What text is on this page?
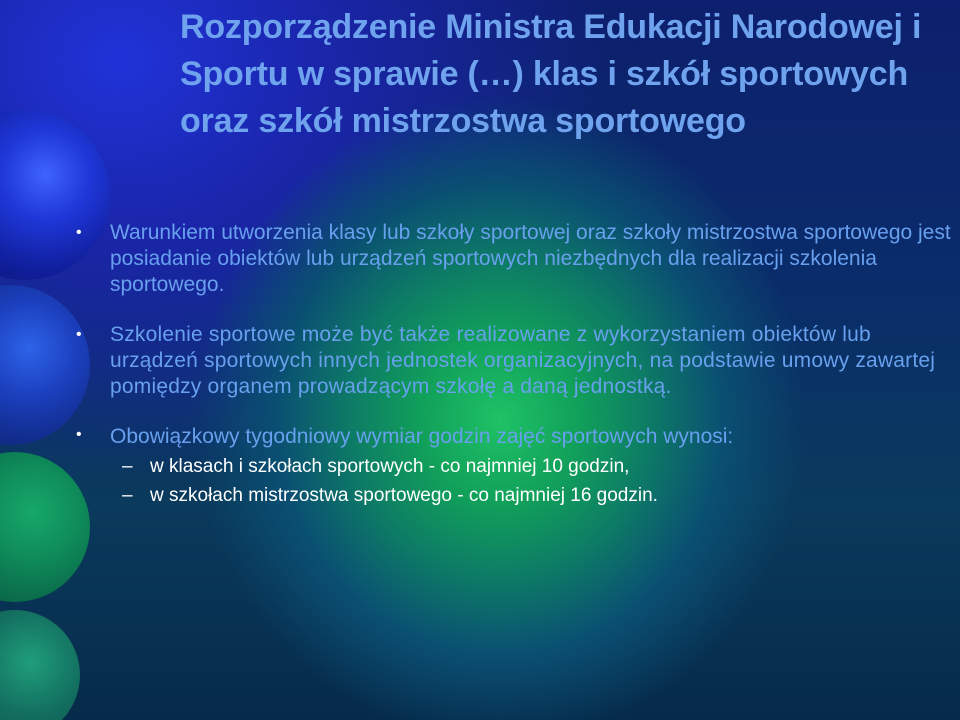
Rozporządzenie Ministra Edukacji Narodowej i Sportu w sprawie (…) klas i szkół sportowych oraz szkół mistrzostwa sportowego
• Warunkiem utworzenia klasy lub szkoły sportowej oraz szkoły mistrzostwa sportowego jest posiadanie obiektów lub urządzeń sportowych niezbędnych dla realizacji szkolenia sportowego.
• Szkolenie sportowe może być także realizowane z wykorzystaniem obiektów lub urządzeń sportowych innych jednostek organizacyjnych, na podstawie umowy zawartej pomiędzy organem prowadzącym szkołę a daną jednostką.
• Obowiązkowy tygodniowy wymiar godzin zajęć sportowych wynosi:
– w klasach i szkołach sportowych - co najmniej 10 godzin,
– w szkołach mistrzostwa sportowego - co najmniej 16 godzin.
